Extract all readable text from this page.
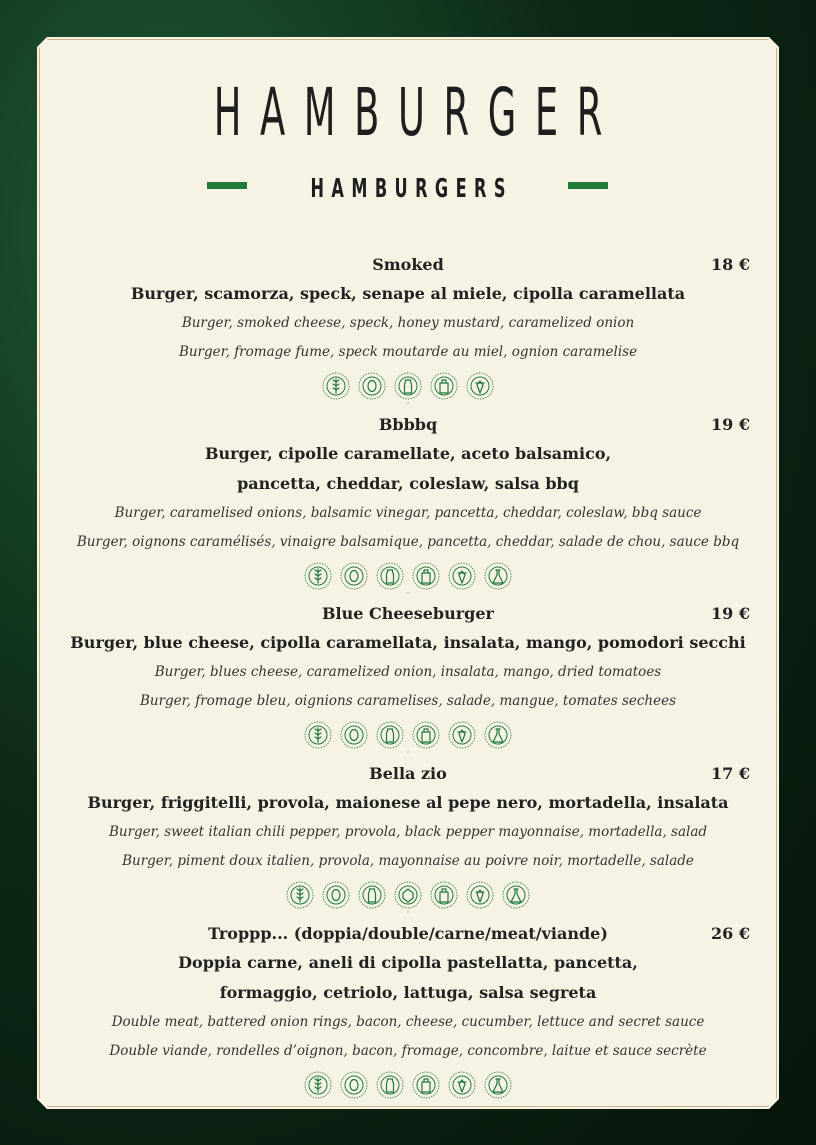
HAMBURGER
HAMBURGERS
Smoked	18 €
Burger, scamorza, speck, senape al miele, cipolla caramellata
Burger, smoked cheese, speck, honey mustard, caramelized onion
Burger, fromage fume, speck moutarde au miel, ognion caramelise
·
Bbbbq	19 €
Burger, cipolle caramellate, aceto balsamico,
pancetta, cheddar, coleslaw, salsa bbq
Burger, caramelised onions, balsamic vinegar, pancetta, cheddar, coleslaw, bbq sauce
Burger, oignons caramélisés, vinaigre balsamique, pancetta, cheddar, salade de chou, sauce bbq
·
Blue Cheeseburger	19 €
Burger, blue cheese, cipolla caramellata, insalata, mango, pomodori secchi
Burger, blues cheese, caramelized onion, insalata, mango, dried tomatoes
Burger, fromage bleu, oignions caramelises, salade, mangue, tomates sechees
·
Bella zio	17 €
Burger, friggitelli, provola, maionese al pepe nero, mortadella, insalata
Burger, sweet italian chili pepper, provola, black pepper mayonnaise, mortadella, salad
Burger, piment doux italien, provola, mayonnaise au poivre noir, mortadelle, salade
·
Troppp... (doppia/double/carne/meat/viande)	26 €
Doppia carne, aneli di cipolla pastellatta, pancetta,
formaggio, cetriolo, lattuga, salsa segreta
Double meat, battered onion rings, bacon, cheese, cucumber, lettuce and secret sauce
Double viande, rondelles d’oignon, bacon, fromage, concombre, laitue et sauce secrète
